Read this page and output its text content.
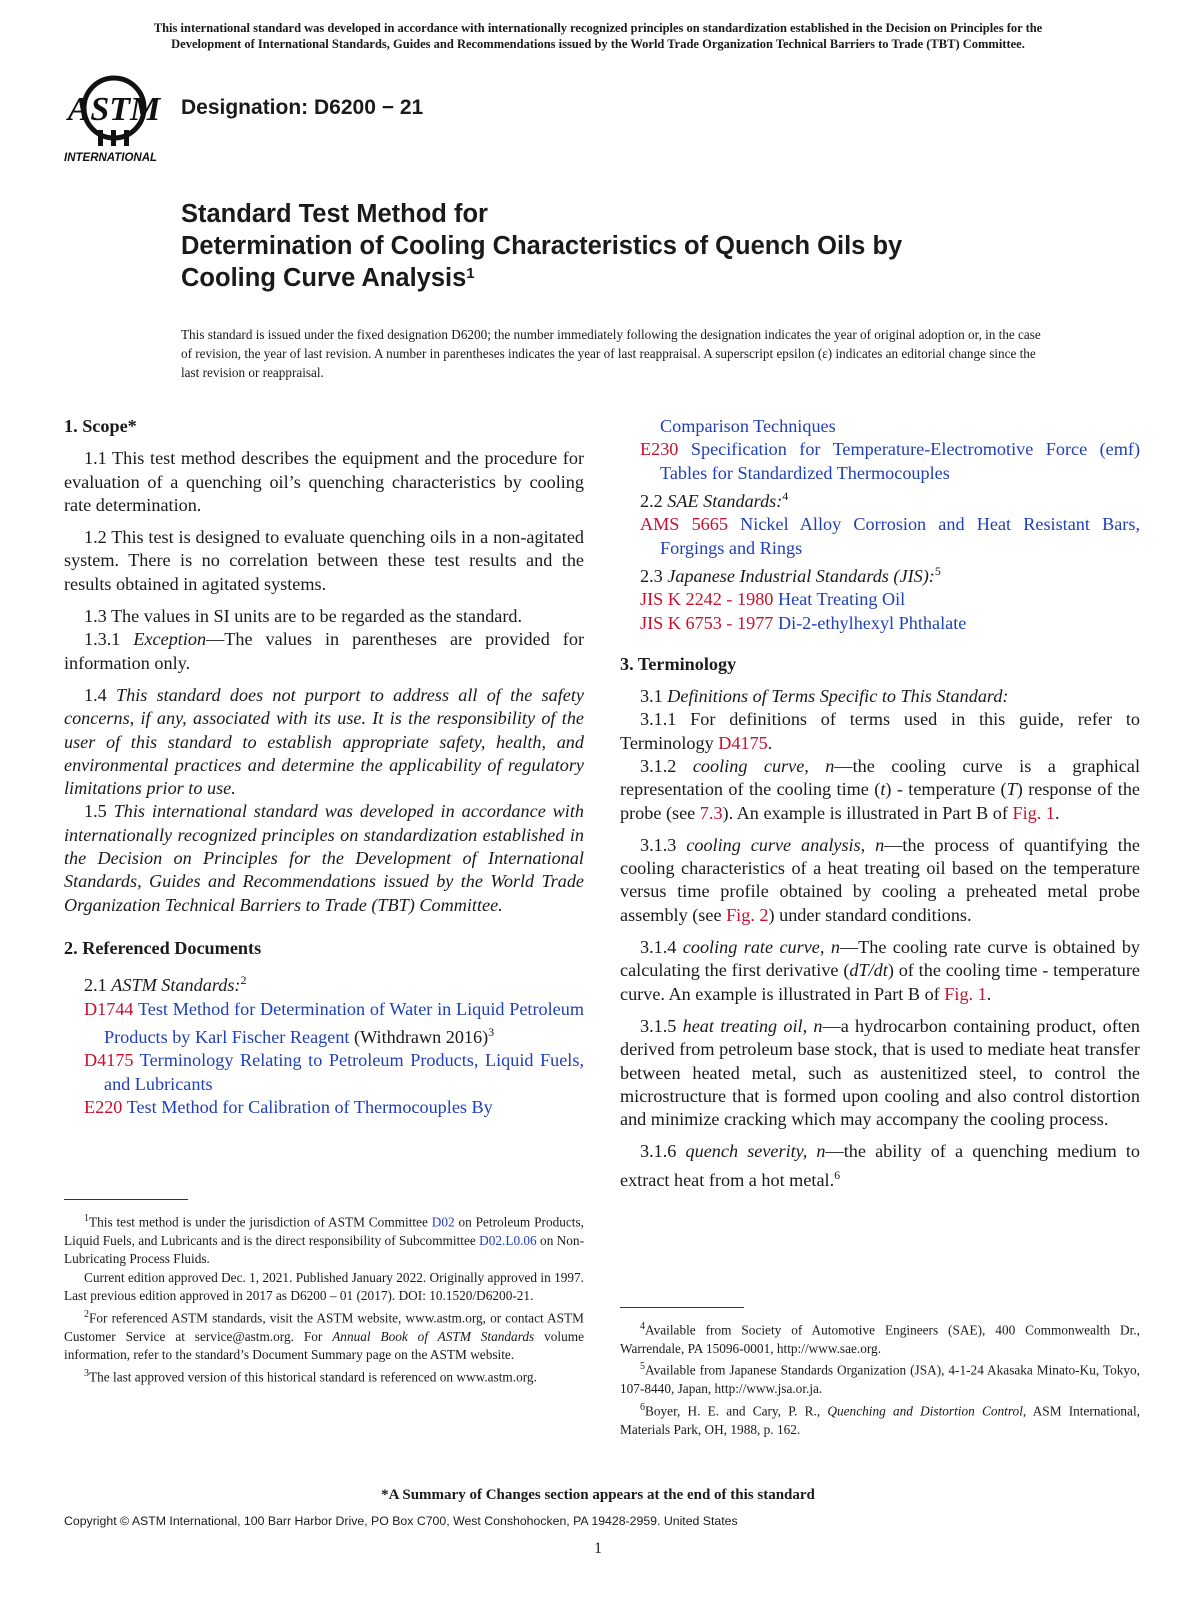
This international standard was developed in accordance with internationally recognized principles on standardization established in the Decision on Principles for the
Development of International Standards, Guides and Recommendations issued by the World Trade Organization Technical Barriers to Trade (TBT) Committee.
ASTM
INTERNATIONAL
Designation: D6200 − 21
Standard Test Method for
Determination of Cooling Characteristics of Quench Oils by
Cooling Curve Analysis$^1$
This standard is issued under the fixed designation D6200; the number immediately following the designation indicates the year of original adoption or, in the case of revision, the year of last revision. A number in parentheses indicates the year of last reappraisal. A superscript epsilon (ε) indicates an editorial change since the last revision or reappraisal.
1. Scope*

1.1 This test method describes the equipment and the procedure for evaluation of a quenching oil’s quenching characteristics by cooling rate determination.

1.2 This test is designed to evaluate quenching oils in a non-agitated system. There is no correlation between these test results and the results obtained in agitated systems.

1.3 The values in SI units are to be regarded as the standard.

1.3.1 Exception—The values in parentheses are provided for information only.

1.4 This standard does not purport to address all of the safety concerns, if any, associated with its use. It is the responsibility of the user of this standard to establish appropriate safety, health, and environmental practices and determine the applicability of regulatory limitations prior to use.

1.5 This international standard was developed in accordance with internationally recognized principles on standardization established in the Decision on Principles for the Development of International Standards, Guides and Recommendations issued by the World Trade Organization Technical Barriers to Trade (TBT) Committee.

2. Referenced Documents

2.1 ASTM Standards:$^2$

D1744 Test Method for Determination of Water in Liquid Petroleum Products by Karl Fischer Reagent (Withdrawn 2016)$^3$

D4175 Terminology Relating to Petroleum Products, Liquid Fuels, and Lubricants

E220 Test Method for Calibration of Thermocouples By

Comparison Techniques

E230 Specification for Temperature-Electromotive Force (emf) Tables for Standardized Thermocouples

2.2 SAE Standards:$^4$

AMS 5665 Nickel Alloy Corrosion and Heat Resistant Bars, Forgings and Rings

2.3 Japanese Industrial Standards (JIS):$^5$

JIS K 2242 - 1980 Heat Treating Oil

JIS K 6753 - 1977 Di-2-ethylhexyl Phthalate

3. Terminology

3.1 Definitions of Terms Specific to This Standard:

3.1.1 For definitions of terms used in this guide, refer to Terminology D4175.

3.1.2 cooling curve, n—the cooling curve is a graphical representation of the cooling time (t) - temperature (T) response of the probe (see 7.3). An example is illustrated in Part B of Fig. 1.

3.1.3 cooling curve analysis, n—the process of quantifying the cooling characteristics of a heat treating oil based on the temperature versus time profile obtained by cooling a preheated metal probe assembly (see Fig. 2) under standard conditions.

3.1.4 cooling rate curve, n—The cooling rate curve is obtained by calculating the first derivative (dT/dt) of the cooling time - temperature curve. An example is illustrated in Part B of Fig. 1.

3.1.5 heat treating oil, n—a hydrocarbon containing product, often derived from petroleum base stock, that is used to mediate heat transfer between heated metal, such as austenitized steel, to control the microstructure that is formed upon cooling and also control distortion and minimize cracking which may accompany the cooling process.

3.1.6 quench severity, n—the ability of a quenching medium to extract heat from a hot metal.$^6$

$^1$This test method is under the jurisdiction of ASTM Committee D02 on Petroleum Products, Liquid Fuels, and Lubricants and is the direct responsibility of Subcommittee D02.L0.06 on Non-Lubricating Process Fluids.

Current edition approved Dec. 1, 2021. Published January 2022. Originally approved in 1997. Last previous edition approved in 2017 as D6200 – 01 (2017). DOI: 10.1520/D6200-21.

$^2$For referenced ASTM standards, visit the ASTM website, www.astm.org, or contact ASTM Customer Service at service@astm.org. For Annual Book of ASTM Standards volume information, refer to the standard’s Document Summary page on the ASTM website.

$^3$The last approved version of this historical standard is referenced on www.astm.org.

$^4$Available from Society of Automotive Engineers (SAE), 400 Commonwealth Dr., Warrendale, PA 15096-0001, http://www.sae.org.

$^5$Available from Japanese Standards Organization (JSA), 4-1-24 Akasaka Minato-Ku, Tokyo, 107-8440, Japan, http://www.jsa.or.ja.

$^6$Boyer, H. E. and Cary, P. R., Quenching and Distortion Control, ASM International, Materials Park, OH, 1988, p. 162.

*A Summary of Changes section appears at the end of this standard
Copyright © ASTM International, 100 Barr Harbor Drive, PO Box C700, West Conshohocken, PA 19428-2959. United States
1
